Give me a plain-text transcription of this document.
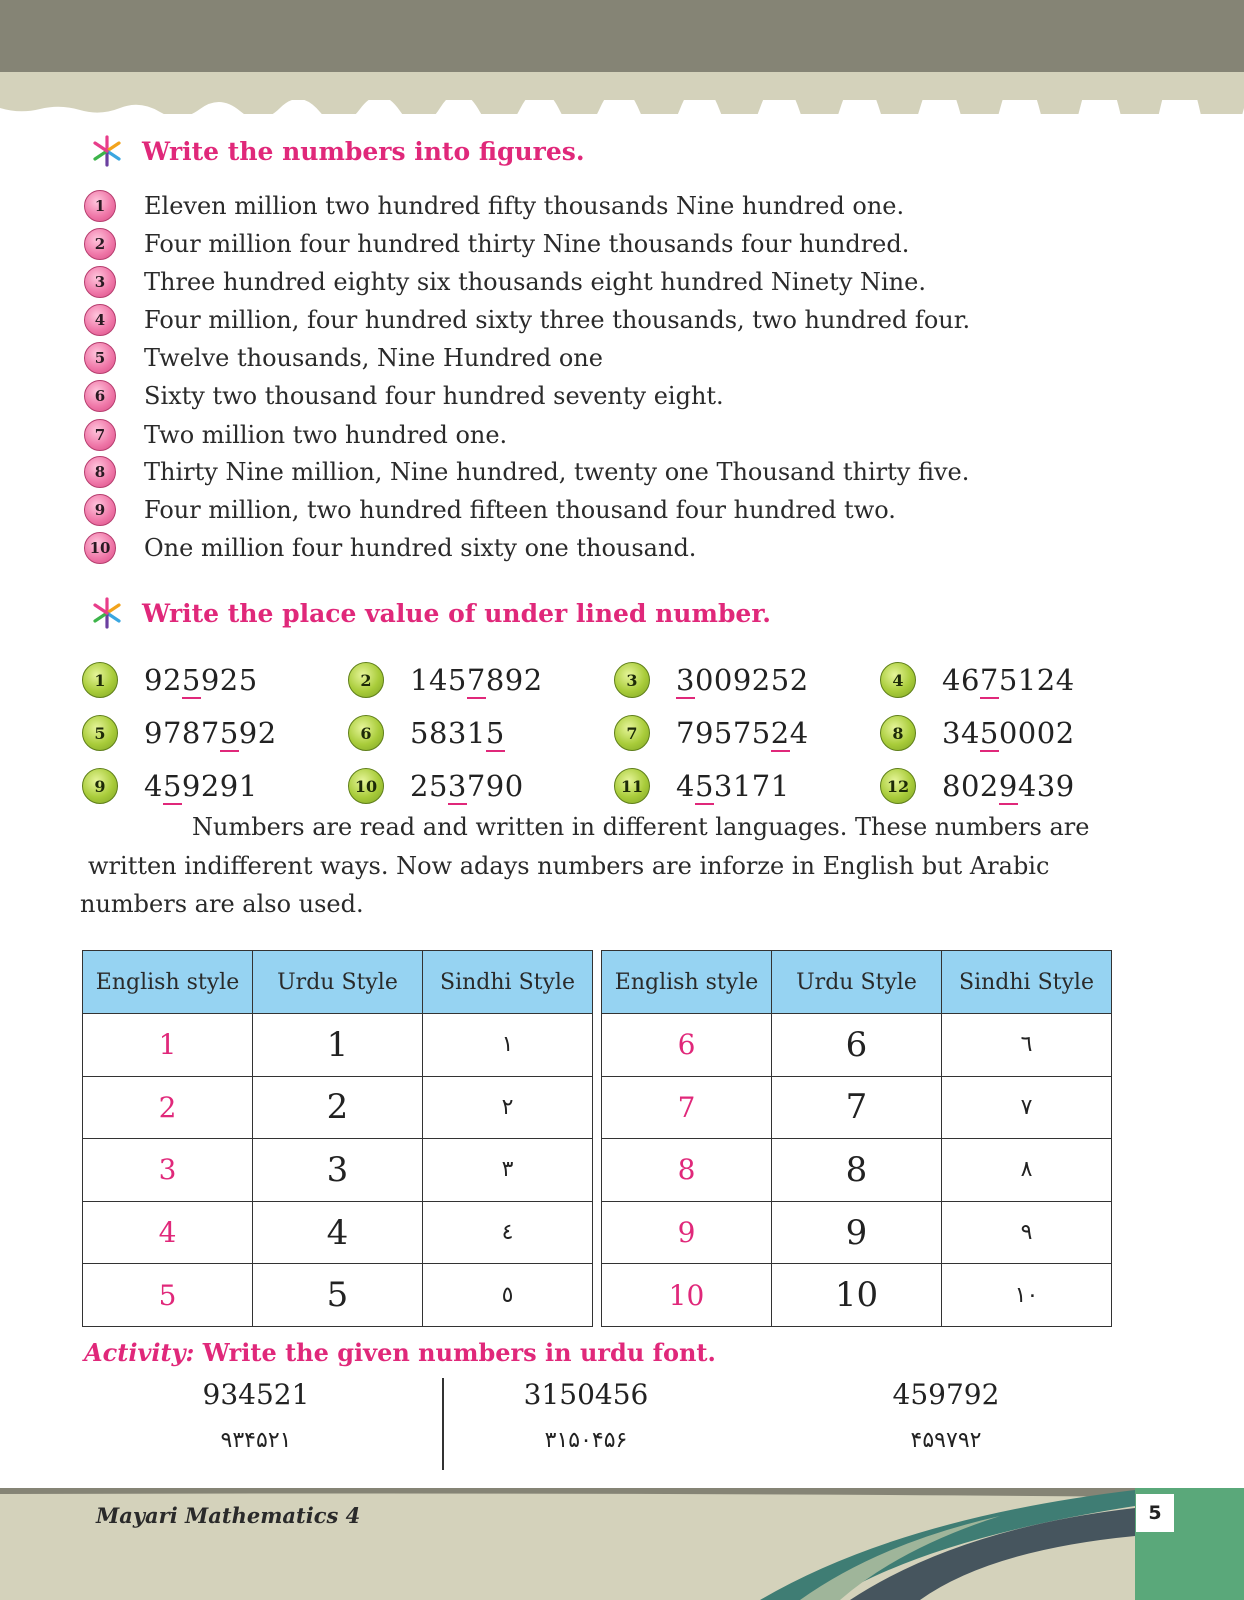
Write the numbers into figures.
1	Eleven million two hundred fifty thousands Nine hundred one.
2	Four million four hundred thirty Nine thousands four hundred.
3	Three hundred eighty six thousands eight hundred Ninety Nine.
4	Four million, four hundred sixty three thousands, two hundred four.
5	Twelve thousands, Nine Hundred one
6	Sixty two thousand four hundred seventy eight.
7	Two million two hundred one.
8	Thirty Nine million, Nine hundred, twenty one Thousand thirty five.
9	Four million, two hundred fifteen thousand four hundred two.
10 One million four hundred sixty one thousand.
Write the place value of under lined number.
1	925925	2	1457892	3	3009252	4	4675124
5	9787592	6	58315	7	7957524	8	3450002
9	459291	10 253790	11 453171	12 8029439
Numbers are read and written in different languages. These numbers are
written indifferent ways. Now adays numbers are inforze in English but Arabic
numbers are also used.
English style	Urdu Style	Sindhi Style
1	1	١
2	2	٢
3	3	٣
4	4	٤
5	5	٥
English style	Urdu Style	Sindhi Style
6	6	٦
7	7	٧
8	8	٨
9	9	٩
10	10	١٠
Activity: Write the given numbers in urdu font.
934521
۹۳۴۵۲۱
3150456
۳۱۵۰۴۵۶
459792
۴۵۹۷۹۲
Mayari Mathematics 4	5
